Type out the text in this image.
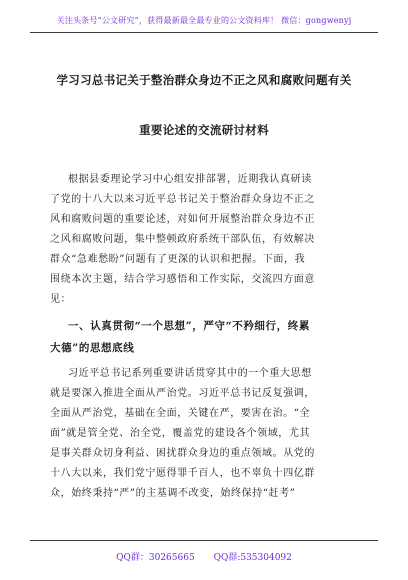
关注头条号“公文研究”，获得最新最全最专业的公文资料库！ 微信：gongwenyj
学习习总书记关于整治群众身边不正之风和腐败问题有关
重要论述的交流研讨材料
根据县委理论学习中心组安排部署，近期我认真研读
了党的十八大以来习近平总书记关于整治群众身边不正之
风和腐败问题的重要论述，对如何开展整治群众身边不正
之风和腐败问题，集中整顿政府系统干部队伍，有效解决
群众“急难愁盼”问题有了更深的认识和把握。下面，我
围绕本次主题，结合学习感悟和工作实际，交流四方面意
见：
一、认真贯彻“一个思想”，严守“不矜细行，终累
大德”的思想底线
习近平总书记系列重要讲话贯穿其中的一个重大思想
就是要深入推进全面从严治党。习近平总书记反复强调，
全面从严治党，基础在全面，关键在严，要害在治。“全
面”就是管全党、治全党，覆盖党的建设各个领域，尤其
是事关群众切身利益、困扰群众身边的重点领域。从党的
十八大以来，我们党宁愿得罪千百人，也不辜负十四亿群
众，始终秉持“严”的主基调不改变，始终保持“赶考”
QQ群：30265665 QQ群:535304092
